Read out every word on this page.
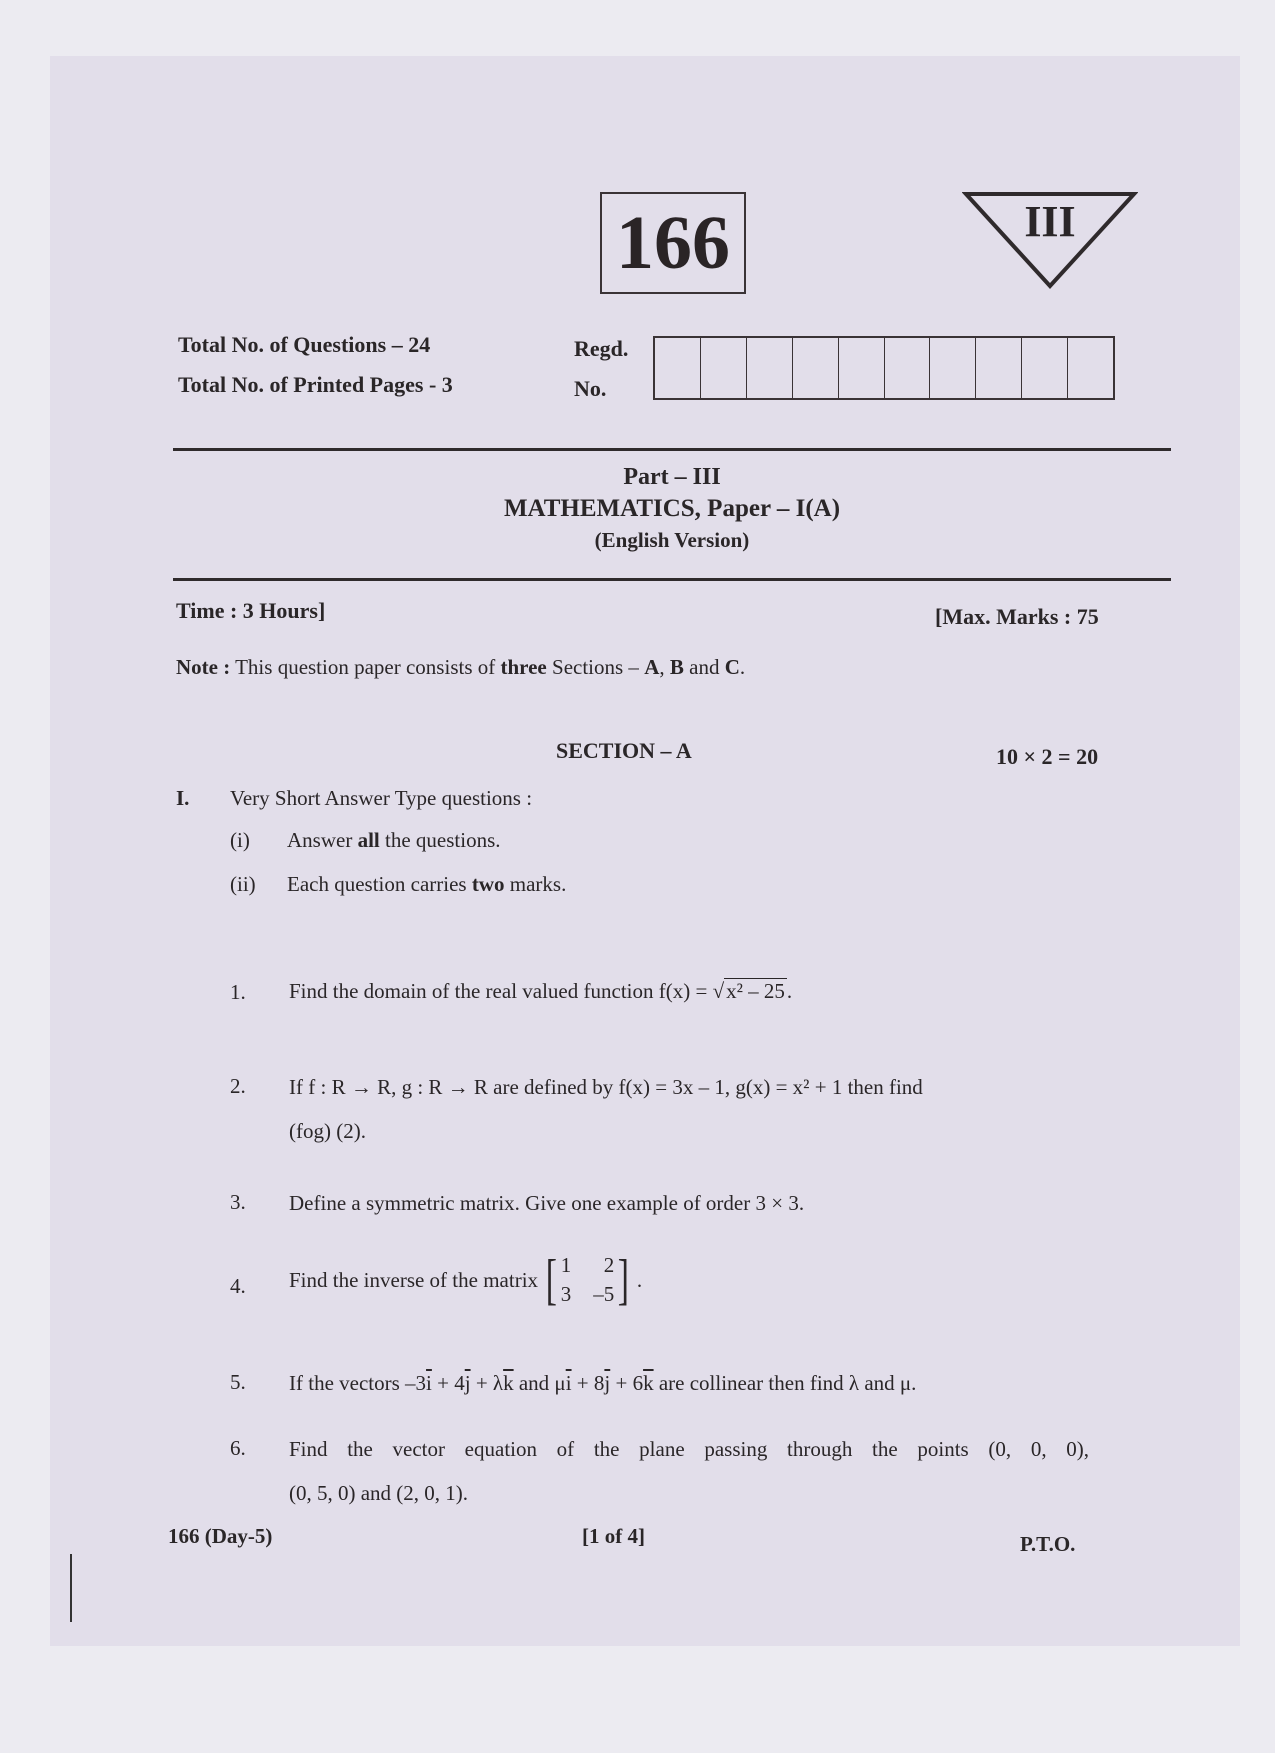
166	III
Total No. of Questions – 24
Total No. of Printed Pages - 3
Regd.
No.
Part – III
MATHEMATICS, Paper – I(A)
(English Version)
Time : 3 Hours]	[Max. Marks : 75
Note : This question paper consists of three Sections – A, B and C.
SECTION – A	10 × 2 = 20
I. Very Short Answer Type questions :
(i) Answer all the questions.
(ii) Each question carries two marks.
1. Find the domain of the real valued function f(x) = √x² – 25.
2. If f : R → R, g : R → R are defined by f(x) = 3x – 1, g(x) = x² + 1 then find
(fog) (2).
3. Define a symmetric matrix. Give one example of order 3 × 3.
4. Find the inverse of the matrix [ 1	2
3 –5 ] .
5. If the vectors $-3\overline{i} + 4\overline{j} + \lambda\overline{k}$ and $\mu\overline{i} + 8\overline{j} + 6\overline{k}$ are collinear then find λ and μ.
6. Find the vector equation of the plane passing through the points (0, 0, 0),
(0, 5, 0) and (2, 0, 1).
166 (Day-5)	[1 of 4]	P.T.O.
